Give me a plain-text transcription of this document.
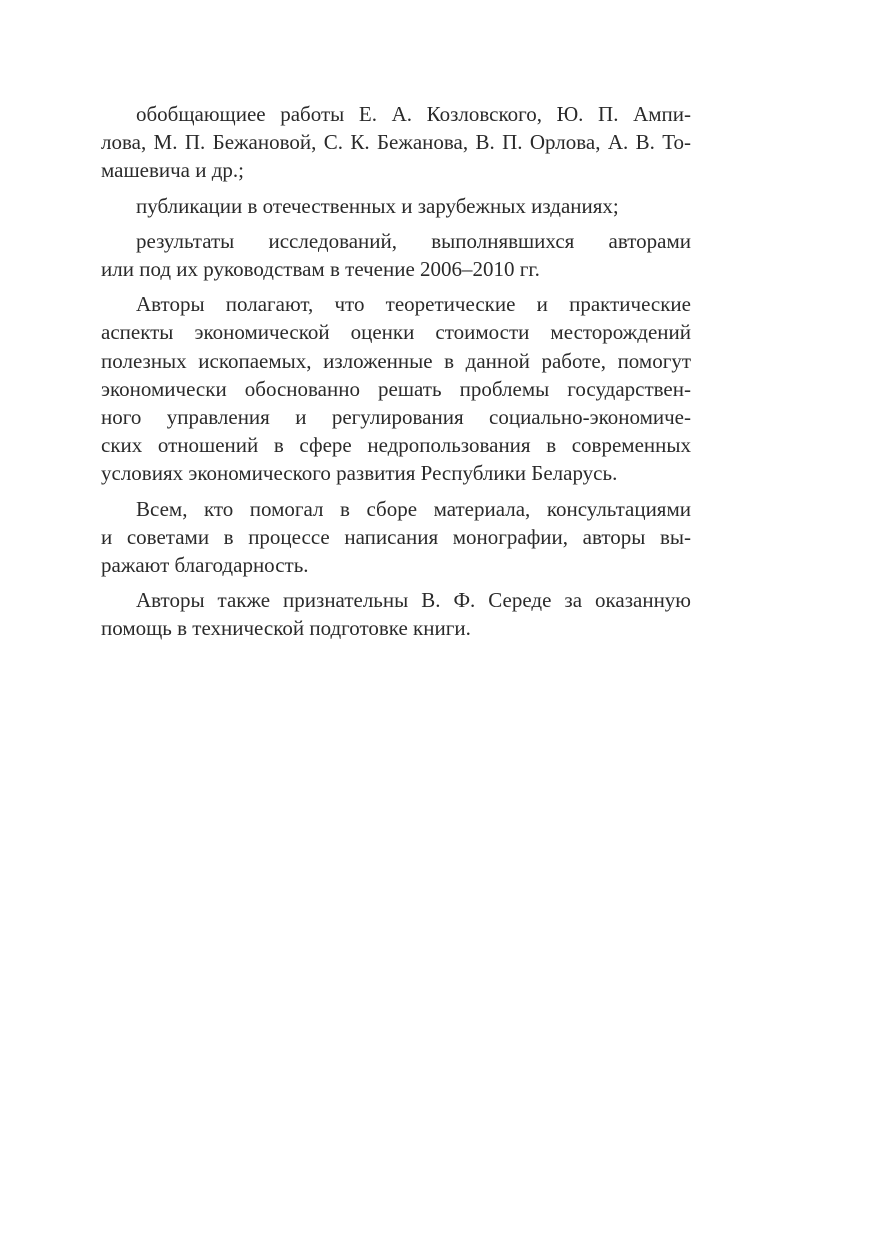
обобщающиее работы Е. А. Козловского, Ю. П. Ампи-
лова, М. П. Бежановой, С. К. Бежанова, В. П. Орлова, А. В. То-
машевича и др.;
публикации в отечественных и зарубежных изданиях;
результаты исследований, выполнявшихся авторами
или под их руководствам в течение 2006–2010 гг.
Авторы полагают, что теоретические и практические
аспекты экономической оценки стоимости месторождений
полезных ископаемых, изложенные в данной работе, помогут
экономически обоснованно решать проблемы государствен-
ного управления и регулирования социально-экономиче-
ских отношений в сфере недропользования в современных
условиях экономического развития Республики Беларусь.
Всем, кто помогал в сборе материала, консультациями
и советами в процессе написания монографии, авторы вы-
ражают благодарность.
Авторы также признательны В. Ф. Середе за оказанную
помощь в технической подготовке книги.
